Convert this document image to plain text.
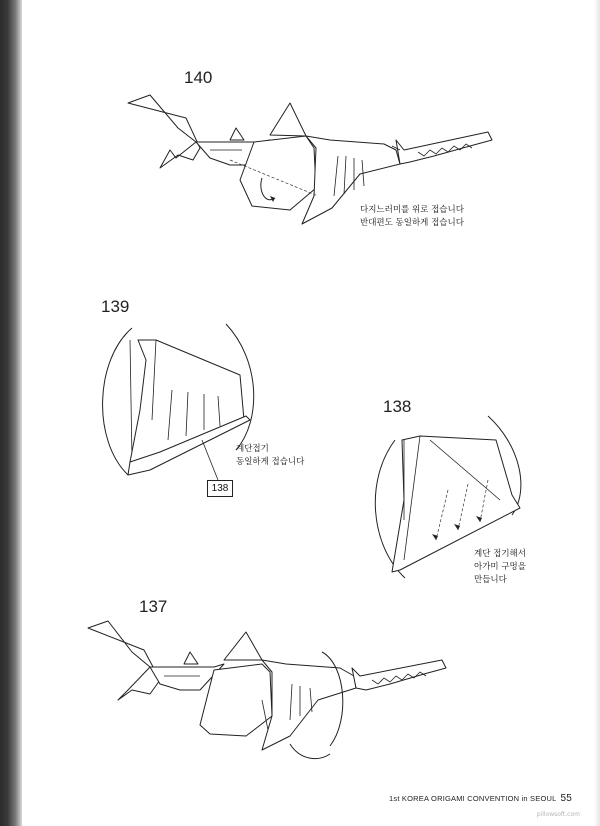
140
139
138
137
다지느러미를 위로 접습니다
반대편도 동일하게 접습니다
계단접기
동일하게 접습니다
138
계단 접기해서
아가미 구멍을
만듭니다
1st KOREA ORIGAMI CONVENTION in SEOUL 55
pillowsoft.com
